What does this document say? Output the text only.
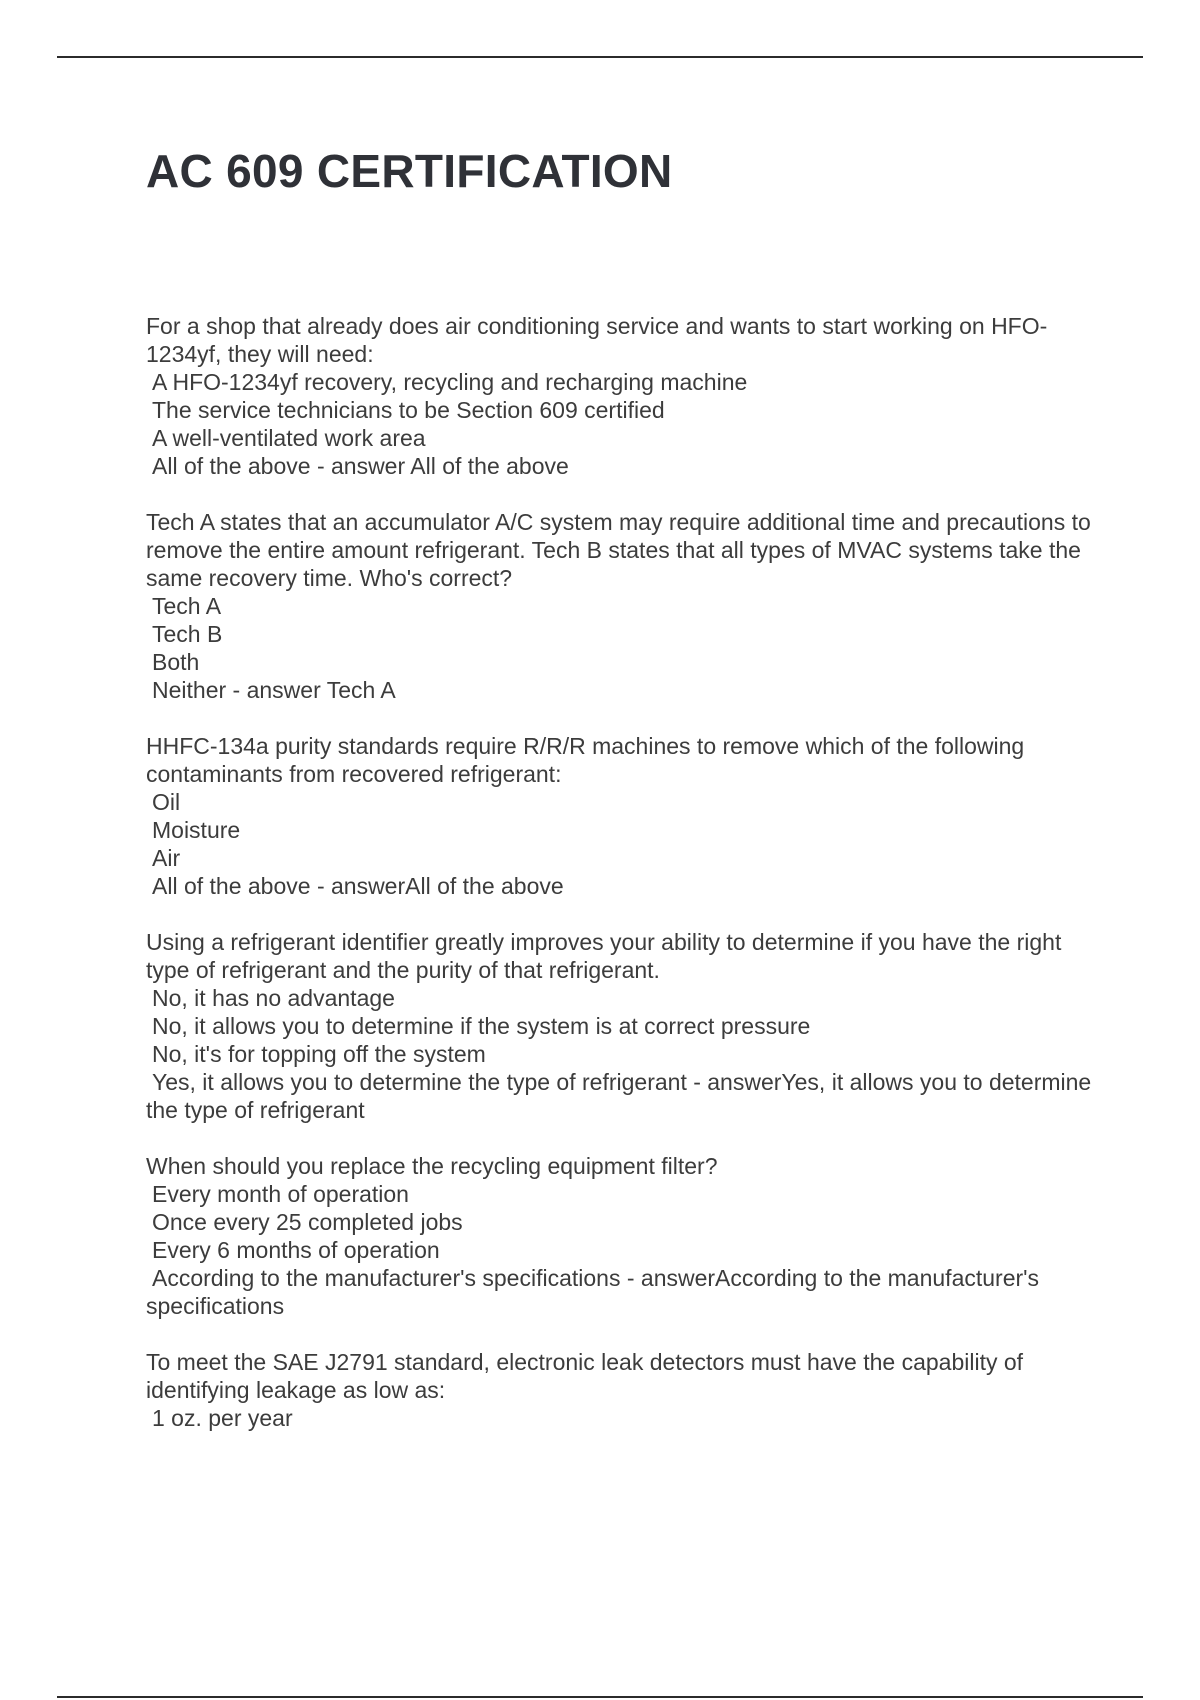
AC 609 CERTIFICATION

For a shop that already does air conditioning service and wants to start working on HFO-1234yf, they will need:

A HFO-1234yf recovery, recycling and recharging machine
The service technicians to be Section 609 certified
A well-ventilated work area
All of the above - answer All of the above

Tech A states that an accumulator A/C system may require additional time and precautions to remove the entire amount refrigerant. Tech B states that all types of MVAC systems take the same recovery time. Who's correct?

Tech A
Tech B
Both
Neither - answer Tech A

HHFC-134a purity standards require R/R/R machines to remove which of the following contaminants from recovered refrigerant:

Oil
Moisture
Air
All of the above - answerAll of the above

Using a refrigerant identifier greatly improves your ability to determine if you have the right type of refrigerant and the purity of that refrigerant.

No, it has no advantage
No, it allows you to determine if the system is at correct pressure
No, it's for topping off the system
Yes, it allows you to determine the type of refrigerant - answerYes, it allows you to determine the type of refrigerant

When should you replace the recycling equipment filter?

Every month of operation
Once every 25 completed jobs
Every 6 months of operation
According to the manufacturer's specifications - answerAccording to the manufacturer's specifications

To meet the SAE J2791 standard, electronic leak detectors must have the capability of identifying leakage as low as:

1 oz. per year
